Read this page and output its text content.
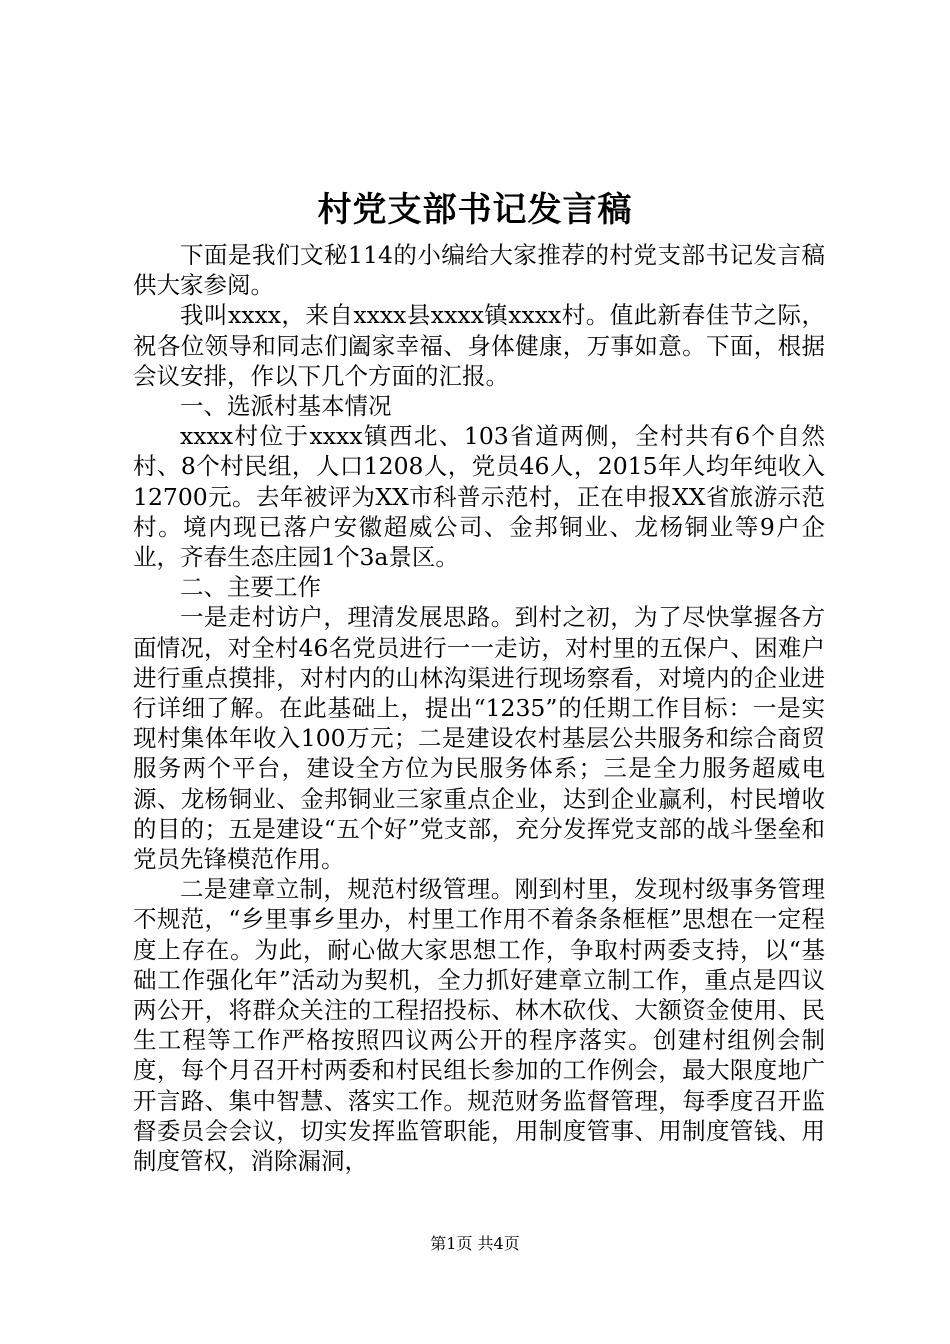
村党支部书记发言稿

下面是我们文秘114的小编给大家推荐的村党支部书记发言稿供大家参阅。

我叫xxxx，来自xxxx县xxxx镇xxxx村。值此新春佳节之际，祝各位领导和同志们阖家幸福、身体健康，万事如意。下面，根据会议安排，作以下几个方面的汇报。

一、选派村基本情况

xxxx村位于xxxx镇西北、103省道两侧，全村共有6个自然村、8个村民组，人口1208人，党员46人，2015年人均年纯收入12700元。去年被评为XX市科普示范村，正在申报XX省旅游示范村。境内现已落户安徽超威公司、金邦铜业、龙杨铜业等9户企业，齐春生态庄园1个3a景区。

二、主要工作

一是走村访户，理清发展思路。到村之初，为了尽快掌握各方面情况，对全村46名党员进行一一走访，对村里的五保户、困难户进行重点摸排，对村内的山林沟渠进行现场察看，对境内的企业进行详细了解。在此基础上，提出“1235”的任期工作目标：一是实现村集体年收入100万元；二是建设农村基层公共服务和综合商贸服务两个平台，建设全方位为民服务体系；三是全力服务超威电源、龙杨铜业、金邦铜业三家重点企业，达到企业赢利，村民增收的目的；五是建设“五个好”党支部，充分发挥党支部的战斗堡垒和党员先锋模范作用。

二是建章立制，规范村级管理。刚到村里，发现村级事务管理不规范，“乡里事乡里办，村里工作用不着条条框框”思想在一定程度上存在。为此，耐心做大家思想工作，争取村两委支持，以“基础工作强化年”活动为契机，全力抓好建章立制工作，重点是四议两公开，将群众关注的工程招投标、林木砍伐、大额资金使用、民生工程等工作严格按照四议两公开的程序落实。创建村组例会制度，每个月召开村两委和村民组长参加的工作例会，最大限度地广开言路、集中智慧、落实工作。规范财务监督管理，每季度召开监督委员会会议，切实发挥监管职能，用制度管事、用制度管钱、用制度管权，消除漏洞，

第1页 共4页
